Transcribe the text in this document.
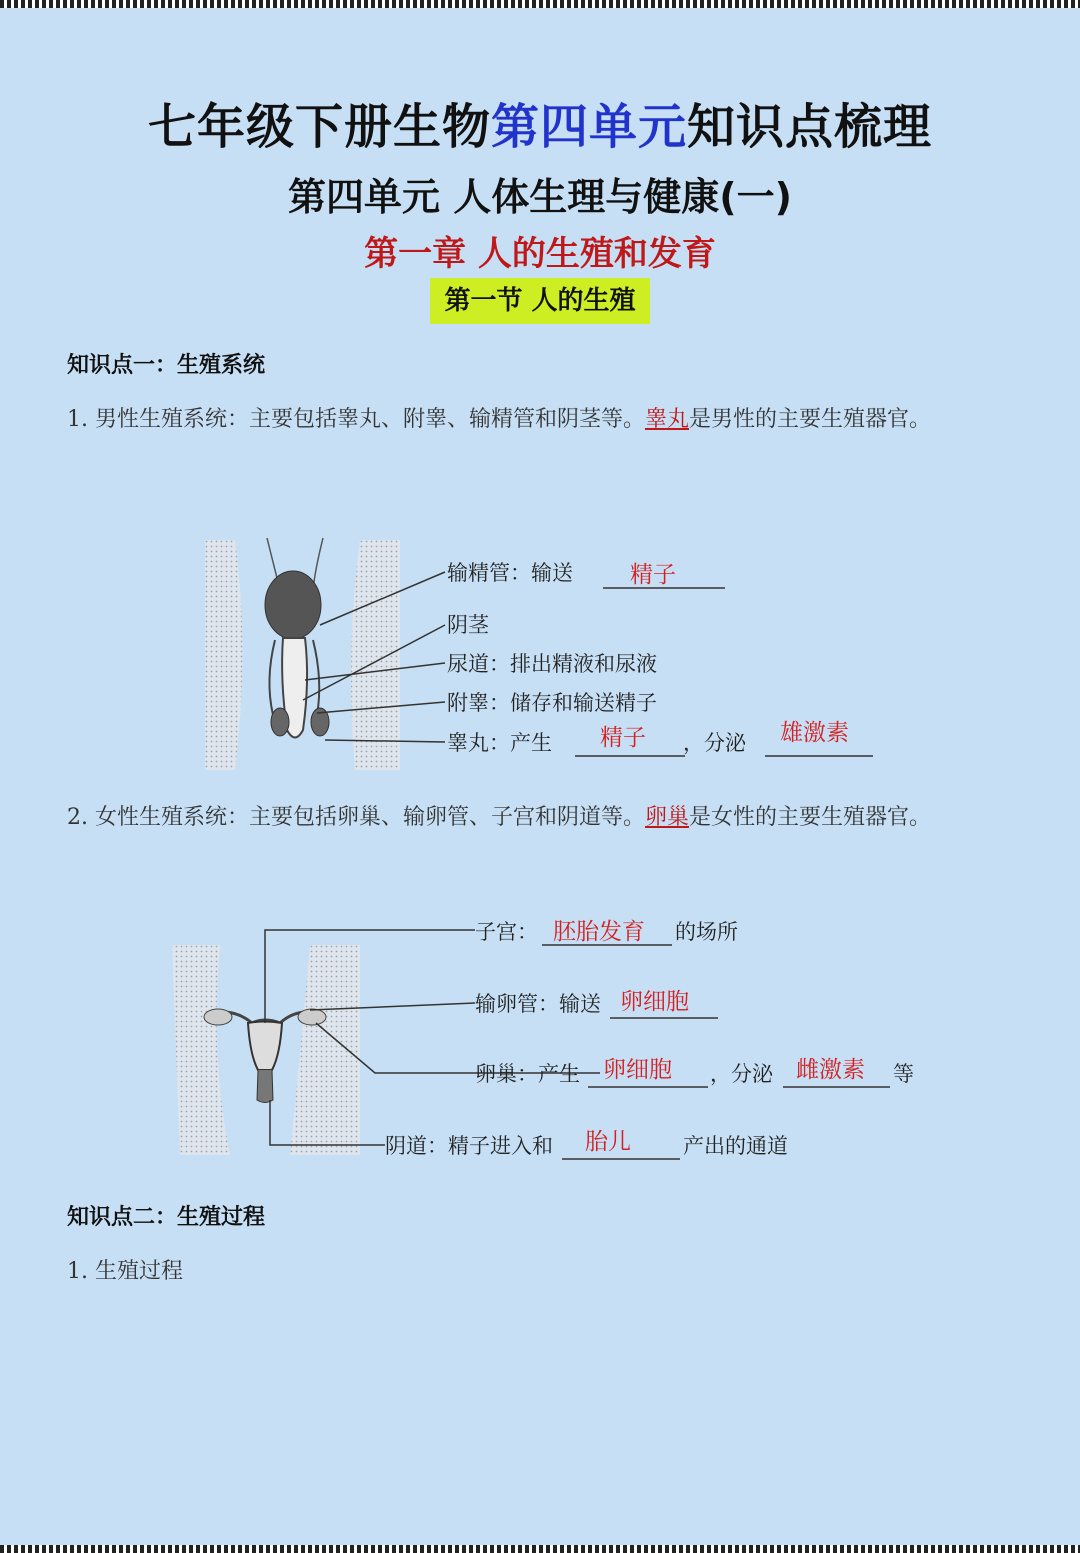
七年级下册生物第四单元知识点梳理
第四单元 人体生理与健康(一)
第一章 人的生殖和发育
第一节 人的生殖
知识点一：生殖系统
1. 男性生殖系统：主要包括睾丸、附睾、输精管和阴茎等。睾丸是男性的主要生殖器官。
输精管：输送 精子
阴茎
尿道：排出精液和尿液
附睾：储存和输送精子
睾丸：产生 精子 ，分泌 雄激素
2. 女性生殖系统：主要包括卵巢、输卵管、子宫和阴道等。卵巢是女性的主要生殖器官。
子宫： 胚胎发育 的场所
输卵管：输送 卵细胞
卵巢：产生 卵细胞 ，分泌 雌激素 等
阴道：精子进入和 胎儿 产出的通道
知识点二：生殖过程
1. 生殖过程
